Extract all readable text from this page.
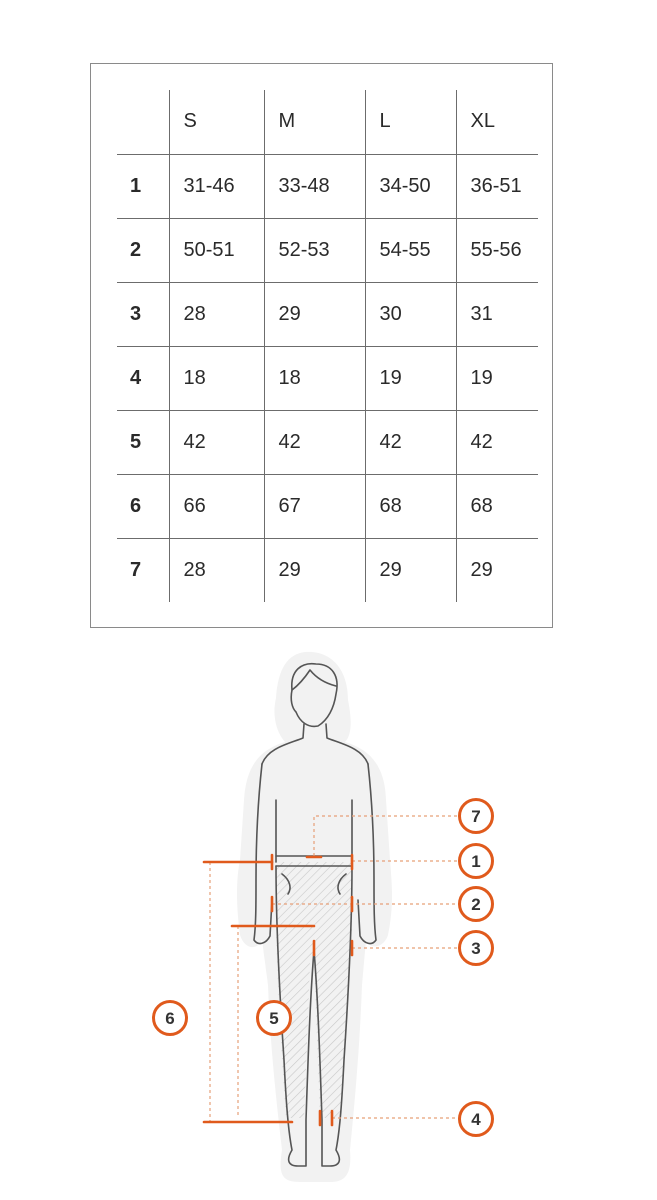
	S	M	L	XL
1	31-46	33-48	34-50	36-51
2	50-51	52-53	54-55	55-56
3	28	29	30	31
4	18	18	19	19
5	42	42	42	42
6	66	67	68	68
7	28	29	29	29
7
1
2
3
6	5
4
